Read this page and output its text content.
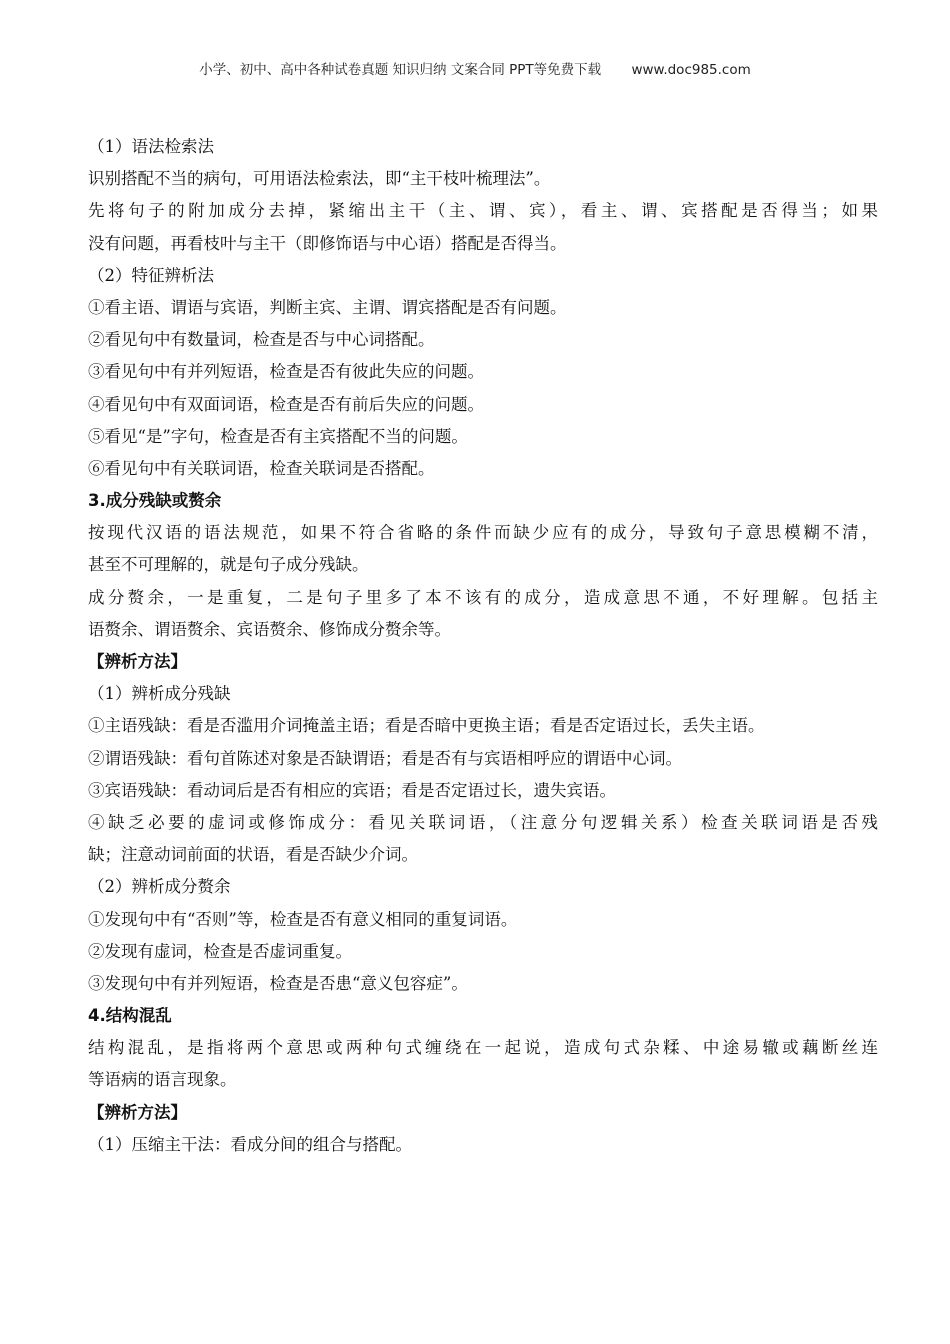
小学、初中、高中各种试卷真题 知识归纳 文案合同 PPT等免费下载 www.doc985.com
（1）语法检索法
识别搭配不当的病句，可用语法检索法，即“主干枝叶梳理法”。
先将句子的附加成分去掉，紧缩出主干（主、谓、宾），看主、谓、宾搭配是否得当；如果
没有问题，再看枝叶与主干（即修饰语与中心语）搭配是否得当。
（2）特征辨析法
①看主语、谓语与宾语，判断主宾、主谓、谓宾搭配是否有问题。
②看见句中有数量词，检查是否与中心词搭配。
③看见句中有并列短语，检查是否有彼此失应的问题。
④看见句中有双面词语，检查是否有前后失应的问题。
⑤看见“是”字句，检查是否有主宾搭配不当的问题。
⑥看见句中有关联词语，检查关联词是否搭配。
3.成分残缺或赘余
按现代汉语的语法规范，如果不符合省略的条件而缺少应有的成分，导致句子意思模糊不清，
甚至不可理解的，就是句子成分残缺。
成分赘余，一是重复，二是句子里多了本不该有的成分，造成意思不通，不好理解。包括主
语赘余、谓语赘余、宾语赘余、修饰成分赘余等。
【辨析方法】
（1）辨析成分残缺
①主语残缺：看是否滥用介词掩盖主语；看是否暗中更换主语；看是否定语过长，丢失主语。
②谓语残缺：看句首陈述对象是否缺谓语；看是否有与宾语相呼应的谓语中心词。
③宾语残缺：看动词后是否有相应的宾语；看是否定语过长，遗失宾语。
④缺乏必要的虚词或修饰成分：看见关联词语，（注意分句逻辑关系）检查关联词语是否残
缺；注意动词前面的状语，看是否缺少介词。
（2）辨析成分赘余
①发现句中有“否则”等，检查是否有意义相同的重复词语。
②发现有虚词，检查是否虚词重复。
③发现句中有并列短语，检查是否患“意义包容症”。
4.结构混乱
结构混乱，是指将两个意思或两种句式缠绕在一起说，造成句式杂糅、中途易辙或藕断丝连
等语病的语言现象。
【辨析方法】
（1）压缩主干法：看成分间的组合与搭配。
